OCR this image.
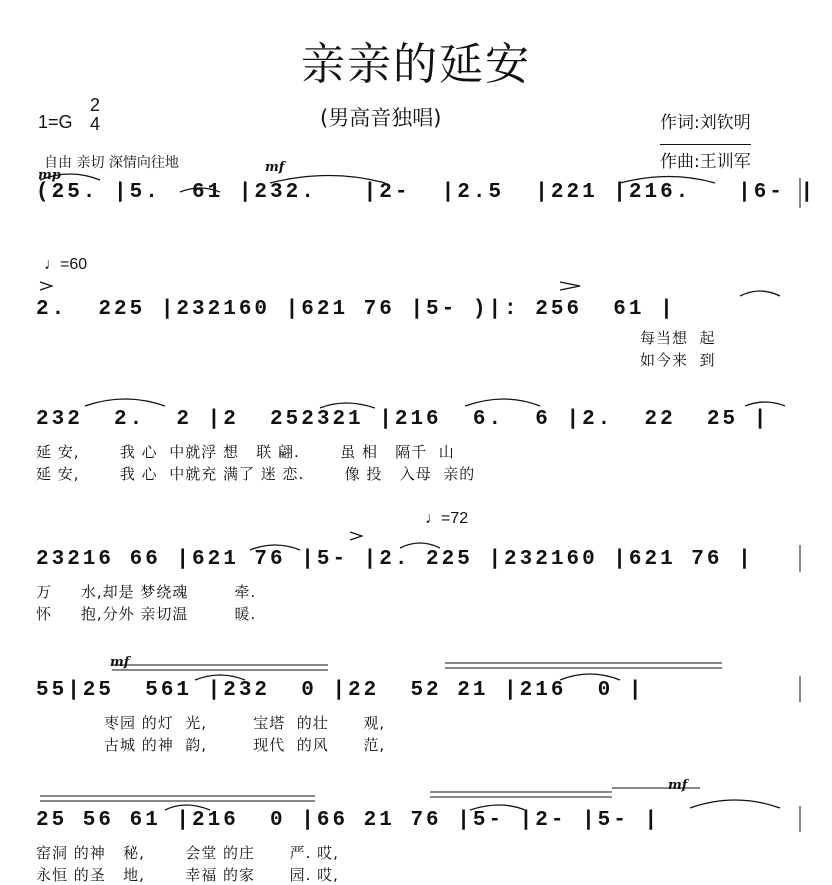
亲亲的延安
(男高音独唱)
1=G
2
4	作词:刘钦明
作曲:王训军
自由 亲切 深情向往地
mp
mf
♩=60
♩=72
mf
mf
(25. |5.  61 |232.   |2-  |2.5  |221 |216.   |6- |
2.  225 |232160 |621 76 |5- )|: 256  61 |
每当想  起
如今来  到
232  2.  2 |2  252321 |216  6.  6 |2.  22  25 |
延 安,       我 心  中就浮 想   联 翩.       虽 相   隔千  山
延 安,       我 心  中就充 满了 迷 恋.       像 投   入母  亲的
23216 66 |621 76 |5- |2. 225 |232160 |621 76 |
万     水,却是 梦绕魂        牵.
怀     抱,分外 亲切温        暖.
55|25  561 |232  0 |22  52 21 |216  0 |
枣园 的灯  光,        宝塔  的壮      观,
古城 的神  韵,        现代  的风      范,
25 56 61 |216  0 |66 21 76 |5- |2- |5- |
窑洞 的神   秘,       会堂 的庄      严. 哎,
永恒 的圣   地,       幸福 的家      园. 哎,
